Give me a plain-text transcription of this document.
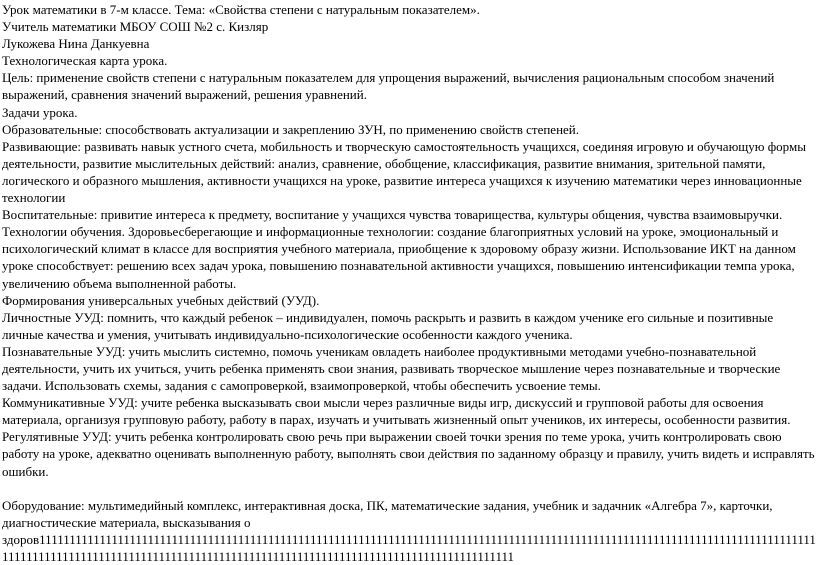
Урок математики в 7-м классе. Тема: «Свойства степени с натуральным показателем».

Учитель математики МБОУ СОШ №2 с. Кизляр

Лукожева Нина Данкуевна

Технологическая карта урока.

Цель: применение свойств степени с натуральным показателем для упрощения выражений, вычисления рациональным способом значений выражений, сравнения значений выражений, решения уравнений.

Задачи урока.

Образовательные: способствовать актуализации и закреплению ЗУН, по применению свойств степеней.

Развивающие: развивать навык устного счета, мобильность и творческую самостоятельность учащихся, соединяя игровую и обучающую формы деятельности, развитие мыслительных действий: анализ, сравнение, обобщение, классификация, развитие внимания, зрительной памяти, логического и образного мышления, активности учащихся на уроке, развитие интереса учащихся к изучению математики через инновационные технологии

Воспитательные: привитие интереса к предмету, воспитание у учащихся чувства товарищества, культуры общения, чувства взаимовыручки.

Технологии обучения. Здоровьесберегающие и информационные технологии: создание благоприятных условий на уроке, эмоциональный и психологический климат в классе для восприятия учебного материала, приобщение к здоровому образу жизни. Использование ИКТ на данном уроке способствует: решению всех задач урока, повышению познавательной активности учащихся, повышению интенсификации темпа урока, увеличению объема выполненной работы.

Формирования универсальных учебных действий (УУД).

Личностные УУД: помнить, что каждый ребенок – индивидуален, помочь раскрыть и развить в каждом ученике его сильные и позитивные личные качества и умения, учитывать индивидуально-психологические особенности каждого ученика.

Познавательные УУД: учить мыслить системно, помочь ученикам овладеть наиболее продуктивными методами учебно-познавательной деятельности, учить их учиться, учить ребенка применять свои знания, развивать творческое мышление через познавательные и творческие задачи. Использовать схемы, задания с самопроверкой, взаимопроверкой, чтобы обеспечить усвоение темы.

Коммуникативные УУД: учите ребенка высказывать свои мысли через различные виды игр, дискуссий и групповой работы для освоения материала, организуя групповую работу, работу в парах, изучать и учитывать жизненный опыт учеников, их интересы, особенности развития.

Регулятивные УУД: учить ребенка контролировать свою речь при выражении своей точки зрения по теме урока, учить контролировать свою работу на уроке, адекватно оценивать выполненную работу, выполнять свои действия по заданному образцу и правилу, учить видеть и исправлять ошибки.

Оборудование: мультимедийный комплекс, интерактивная доска, ПК, математические задания, учебник и задачник «Алгебра 7», карточки, диагностические материала, высказывания о

здоров1111111111111111111111111111111111111111111111111111111111111111111111111111111111111111111111111111111111111111111111111111111111111111111111111111111111111111111111111111111111111111111111111111111111111111111111
